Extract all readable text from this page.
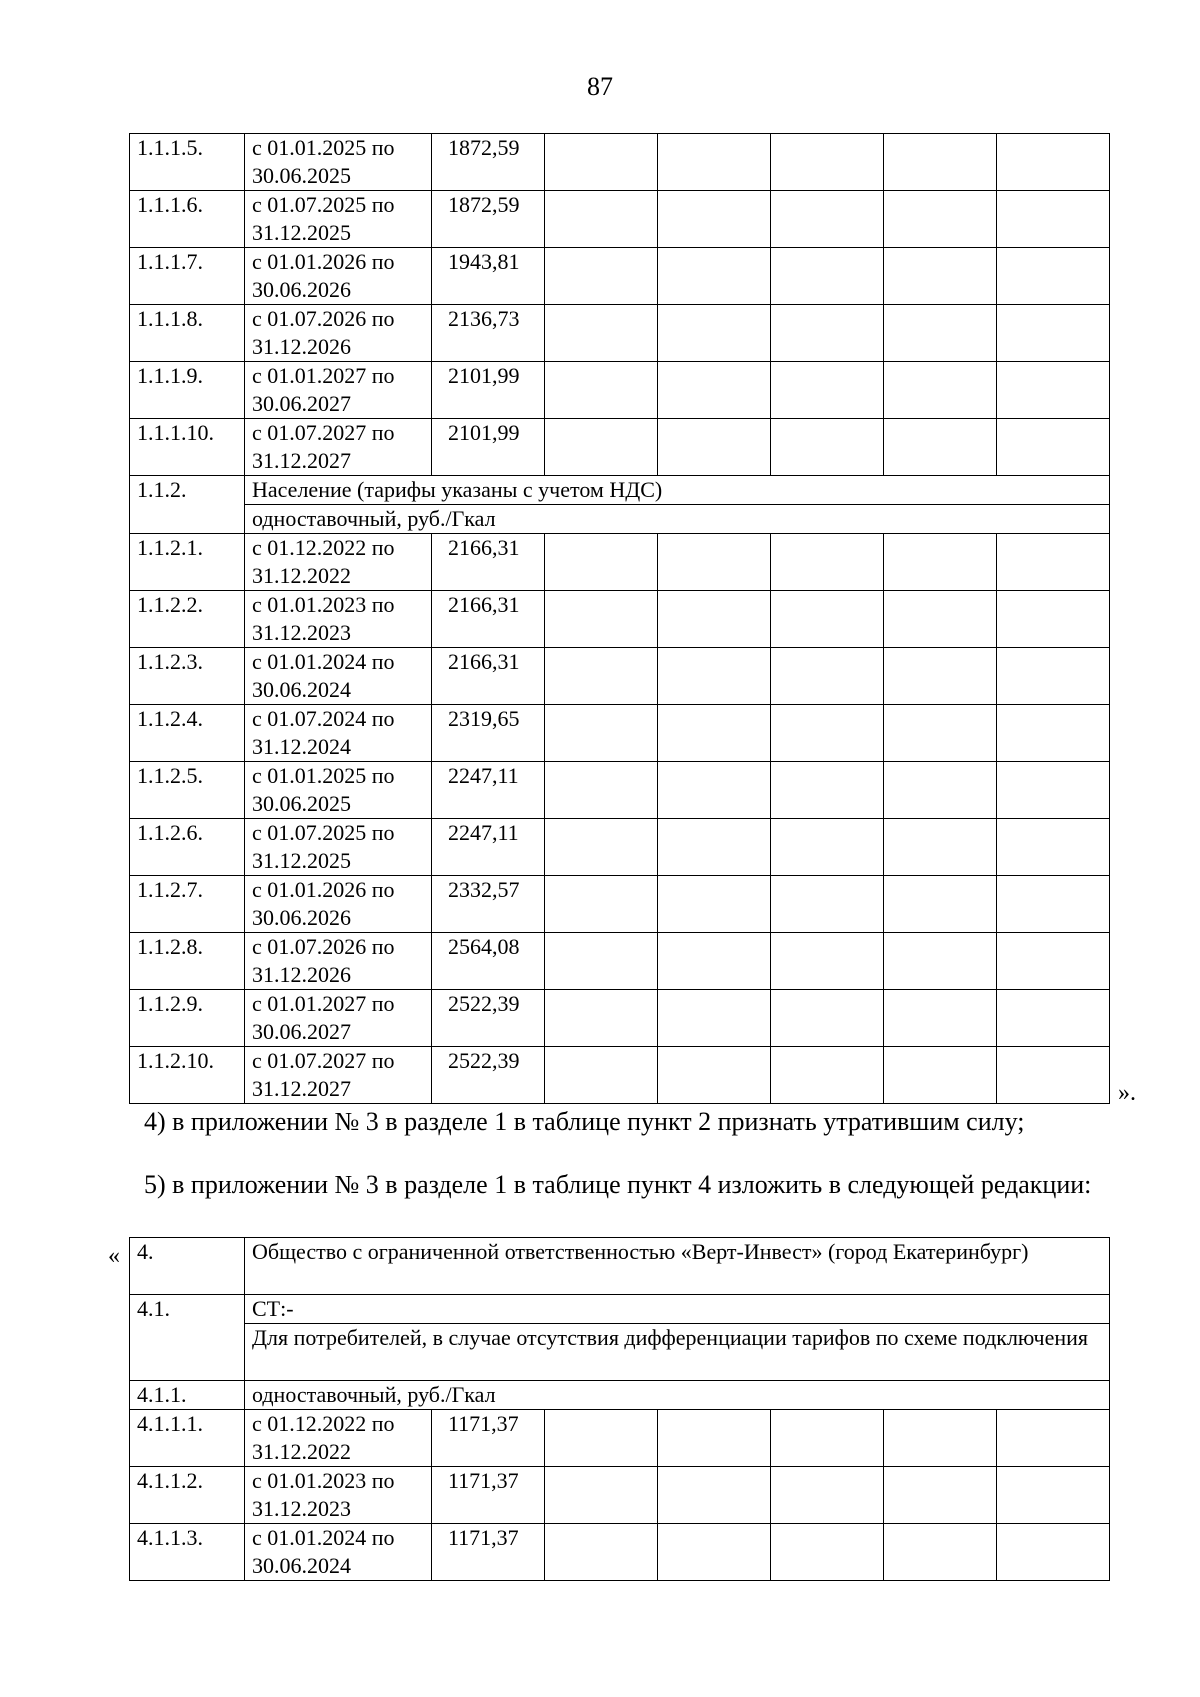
87
1.1.1.5.	с 01.01.2025 по 30.06.2025	1872,59					
1.1.1.6.	с 01.07.2025 по 31.12.2025	1872,59					
1.1.1.7.	с 01.01.2026 по 30.06.2026	1943,81					
1.1.1.8.	с 01.07.2026 по 31.12.2026	2136,73					
1.1.1.9.	с 01.01.2027 по 30.06.2027	2101,99					
1.1.1.10.	с 01.07.2027 по 31.12.2027	2101,99					
1.1.2.	Население (тарифы указаны с учетом НДС)						
	одноставочный, руб./Гкал						
1.1.2.1.	с 01.12.2022 по 31.12.2022	2166,31					
1.1.2.2.	с 01.01.2023 по 31.12.2023	2166,31					
1.1.2.3.	с 01.01.2024 по 30.06.2024	2166,31					
1.1.2.4.	с 01.07.2024 по 31.12.2024	2319,65					
1.1.2.5.	с 01.01.2025 по 30.06.2025	2247,11					
1.1.2.6.	с 01.07.2025 по 31.12.2025	2247,11					
1.1.2.7.	с 01.01.2026 по 30.06.2026	2332,57					
1.1.2.8.	с 01.07.2026 по 31.12.2026	2564,08					
1.1.2.9.	с 01.01.2027 по 30.06.2027	2522,39					
1.1.2.10.	с 01.07.2027 по 31.12.2027	2522,39					
».
4) в приложении № 3 в разделе 1 в таблице пункт 2 признать утратившим силу;
5) в приложении № 3 в разделе 1 в таблице пункт 4 изложить в следующей редакции:
« 4.	Общество с ограниченной ответственностью «Верт-Инвест» (город Екатеринбург)						
4.1.	СТ:-						
	Для потребителей, в случае отсутствия дифференциации тарифов по схеме подключения						
4.1.1.	одноставочный, руб./Гкал						
4.1.1.1.	с 01.12.2022 по 31.12.2022	1171,37					
4.1.1.2.	с 01.01.2023 по 31.12.2023	1171,37					
4.1.1.3.	с 01.01.2024 по 30.06.2024	1171,37					
